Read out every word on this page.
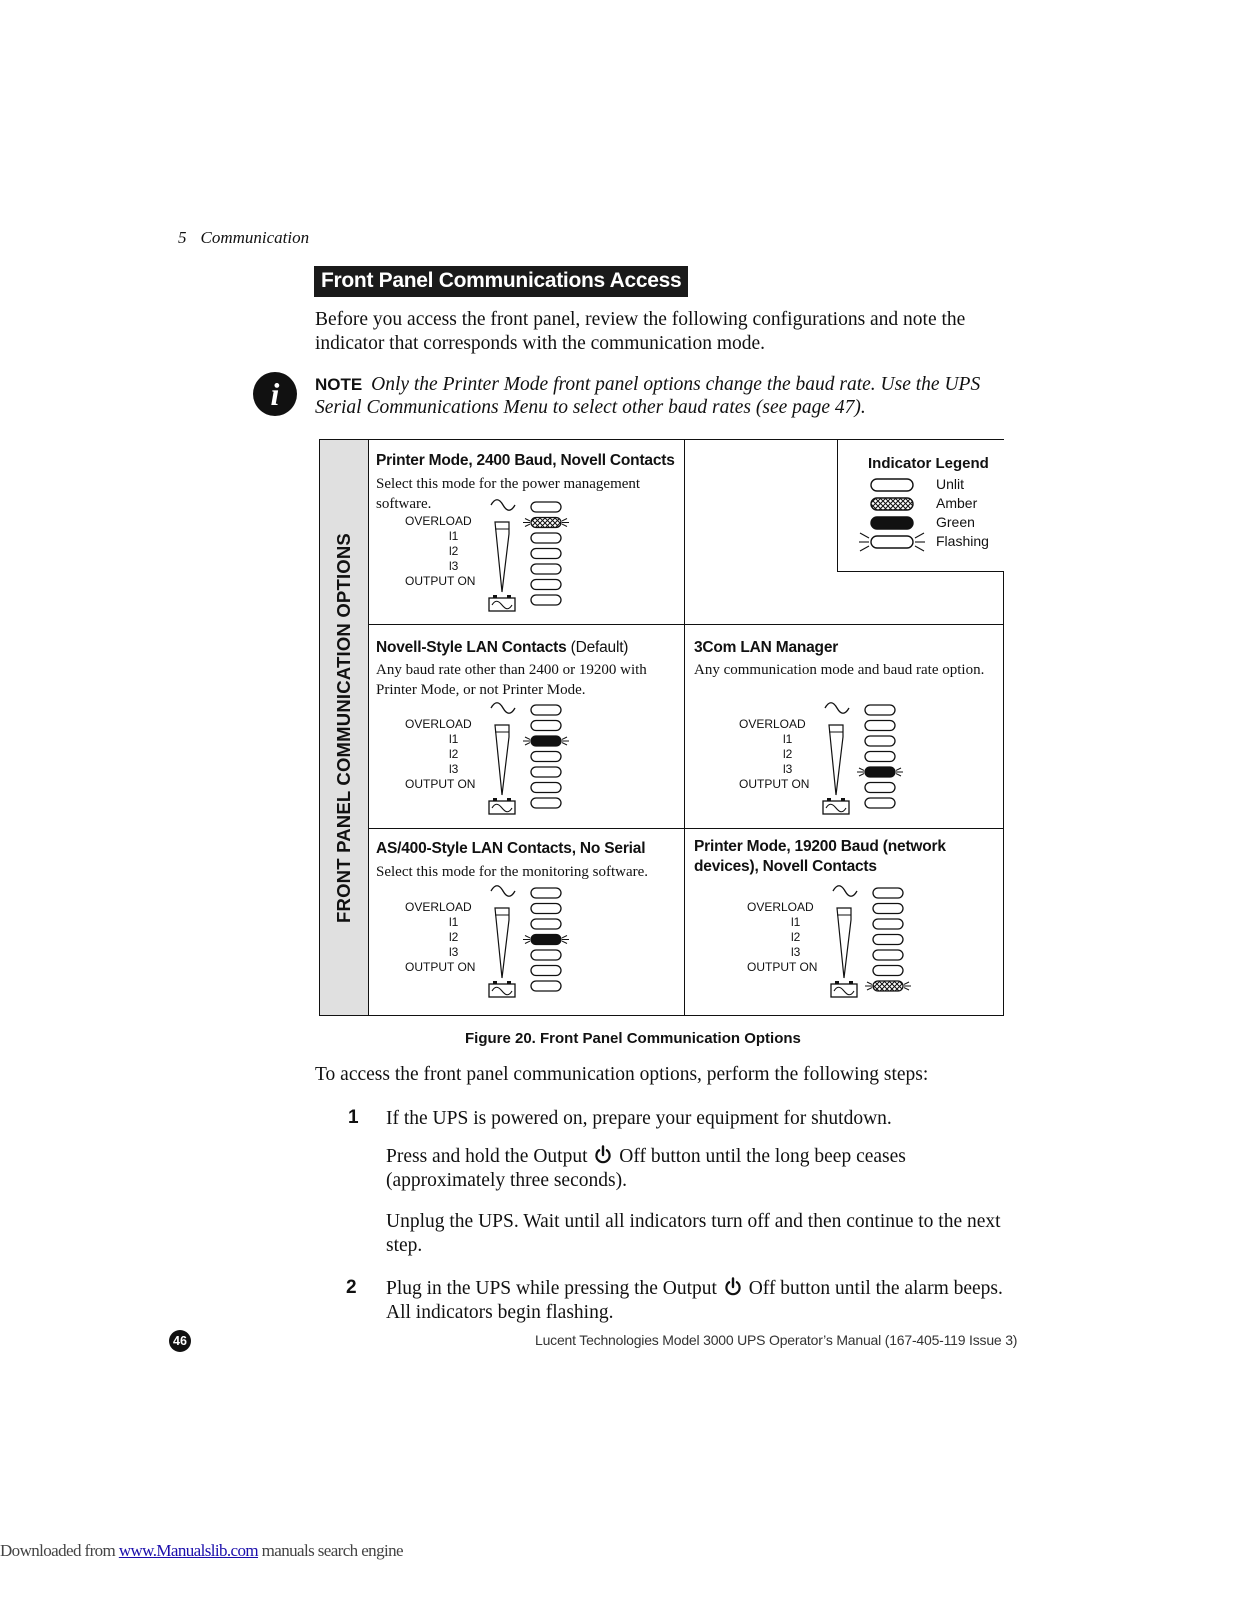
5 Communication
Front Panel Communications Access
Before you access the front panel, review the following configurations and note the indicator that corresponds with the communication mode.
i	NOTE Only the Printer Mode front panel options change the baud rate. Use the UPS Serial Communications Menu to select other baud rates (see page 47).
FRONT PANEL COMMUNICATION OPTIONS
Indicator Legend
Unlit
Amber
Green
Flashing
Printer Mode, 2400 Baud, Novell Contacts
Select this mode for the power management software.
OVERLOAD
l1
l2
l3
OUTPUT ON
Novell-Style LAN Contacts (Default)
Any baud rate other than 2400 or 19200 with Printer Mode, or not Printer Mode.
OVERLOAD
l1
l2
l3
OUTPUT ON
3Com LAN Manager
Any communication mode and baud rate option.
OVERLOAD
l1
l2
l3
OUTPUT ON
AS/400-Style LAN Contacts, No Serial
Select this mode for the monitoring software.
OVERLOAD
l1
l2
l3
OUTPUT ON
Printer Mode, 19200 Baud (network devices), Novell Contacts
OVERLOAD
l1
l2
l3
OUTPUT ON
Figure 20. Front Panel Communication Options
To access the front panel communication options, perform the following steps:
1 If the UPS is powered on, prepare your equipment for shutdown.
Press and hold the Output Off button until the long beep ceases (approximately three seconds).
Unplug the UPS. Wait until all indicators turn off and then continue to the next step.
2 Plug in the UPS while pressing the Output Off button until the alarm beeps. All indicators begin flashing.
46	Lucent Technologies Model 3000 UPS Operator’s Manual (167-405-119 Issue 3)
Downloaded from www.Manualslib.com manuals search engine
